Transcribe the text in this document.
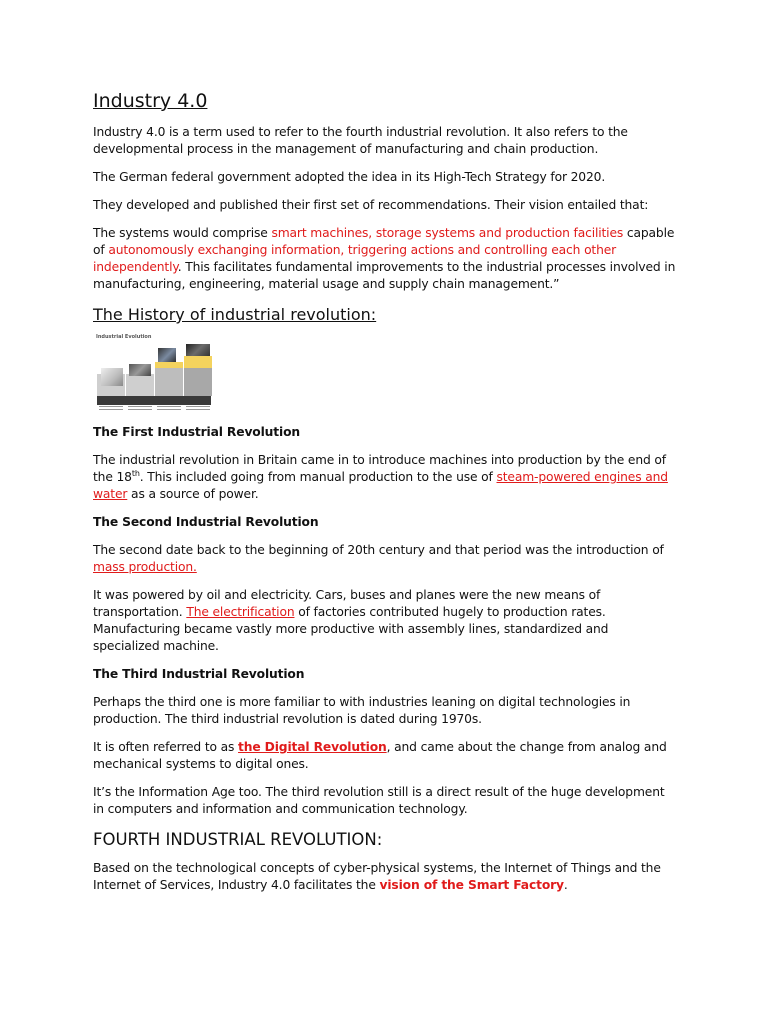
Industry 4.0

Industry 4.0 is a term used to refer to the fourth industrial revolution. It also refers to the developmental process in the management of manufacturing and chain production.

The German federal government adopted the idea in its High-Tech Strategy for 2020.

They developed and published their first set of recommendations. Their vision entailed that:

The systems would comprise smart machines, storage systems and production facilities capable of autonomously exchanging information, triggering actions and controlling each other independently. This facilitates fundamental improvements to the industrial processes involved in manufacturing, engineering, material usage and supply chain management.”

The History of industrial revolution:
Industrial Evolution
The First Industrial Revolution

The industrial revolution in Britain came in to introduce machines into production by the end of the 18th. This included going from manual production to the use of steam-powered engines and water as a source of power.

The Second Industrial Revolution

The second date back to the beginning of 20th century and that period was the introduction of mass production.

It was powered by oil and electricity. Cars, buses and planes were the new means of transportation. The electrification of factories contributed hugely to production rates. Manufacturing became vastly more productive with assembly lines, standardized and specialized machine.

The Third Industrial Revolution

Perhaps the third one is more familiar to with industries leaning on digital technologies in production. The third industrial revolution is dated during 1970s.

It is often referred to as the Digital Revolution, and came about the change from analog and mechanical systems to digital ones.

It’s the Information Age too. The third revolution still is a direct result of the huge development in computers and information and communication technology.

FOURTH INDUSTRIAL REVOLUTION:

Based on the technological concepts of cyber-physical systems, the Internet of Things and the Internet of Services, Industry 4.0 facilitates the vision of the Smart Factory.
